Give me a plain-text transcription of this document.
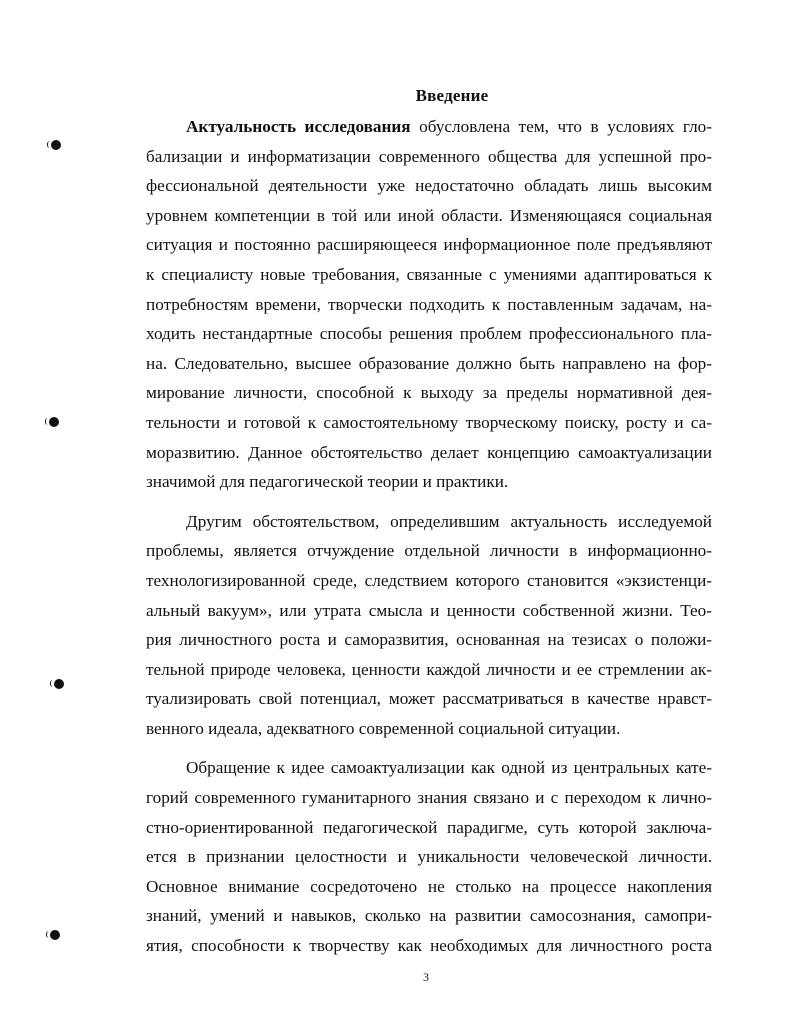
Введение
Актуальность исследования обусловлена тем, что в условиях гло-
бализации и информатизации современного общества для успешной про-
фессиональной деятельности уже недостаточно обладать лишь высоким
уровнем компетенции в той или иной области. Изменяющаяся социальная
ситуация и постоянно расширяющееся информационное поле предъявляют
к специалисту новые требования, связанные с умениями адаптироваться к
потребностям времени, творчески подходить к поставленным задачам, на-
ходить нестандартные способы решения проблем профессионального пла-
на. Следовательно, высшее образование должно быть направлено на фор-
мирование личности, способной к выходу за пределы нормативной дея-
тельности и готовой к самостоятельному творческому поиску, росту и са-
моразвитию. Данное обстоятельство делает концепцию самоактуализации
значимой для педагогической теории и практики.
Другим обстоятельством, определившим актуальность исследуемой
проблемы, является отчуждение отдельной личности в информационно-
технологизированной среде, следствием которого становится «экзистенци-
альный вакуум», или утрата смысла и ценности собственной жизни. Тео-
рия личностного роста и саморазвития, основанная на тезисах о положи-
тельной природе человека, ценности каждой личности и ее стремлении ак-
туализировать свой потенциал, может рассматриваться в качестве нравст-
венного идеала, адекватного современной социальной ситуации.
Обращение к идее самоактуализации как одной из центральных кате-
горий современного гуманитарного знания связано и с переходом к лично-
стно-ориентированной педагогической парадигме, суть которой заключа-
ется в признании целостности и уникальности человеческой личности.
Основное внимание сосредоточено не столько на процессе накопления
знаний, умений и навыков, сколько на развитии самосознания, самопри-
ятия, способности к творчеству как необходимых для личностного роста
3
